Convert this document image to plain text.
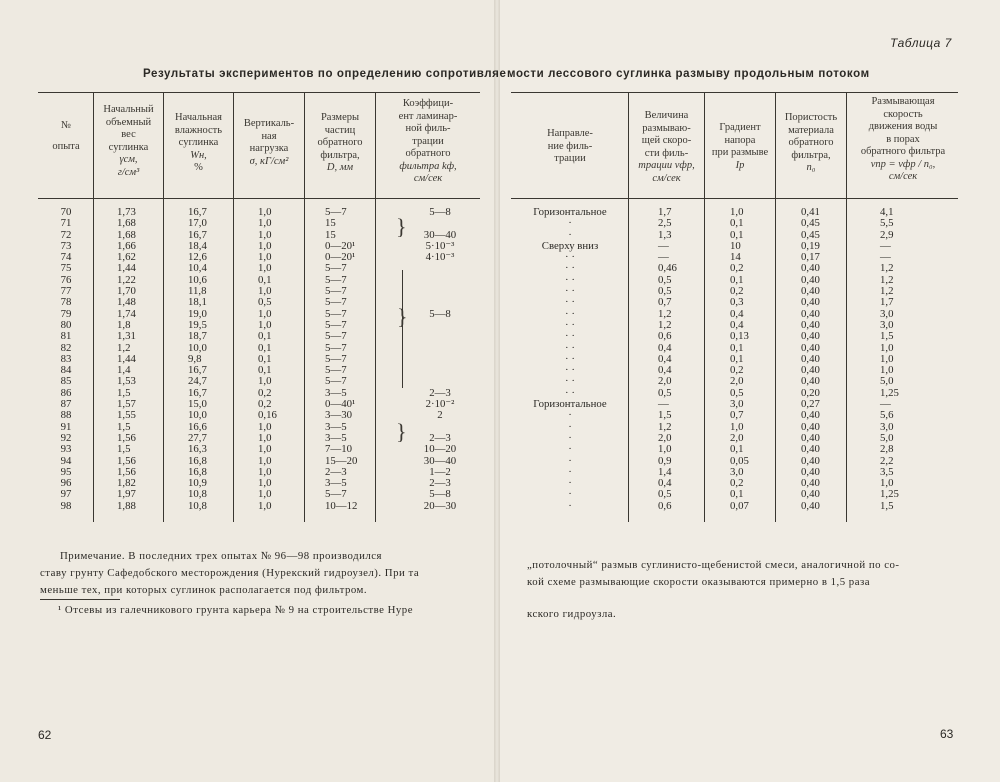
Таблица 7
Результаты экспериментов по определению сопротивляе мости лессового суглинка размыву продольным потоком
№
опыта
Начальный
объемный
вес
суглинка
γсм,
г/см³
Начальная
влажность
суглинка
Wн,
%
Вертикаль-
ная
нагрузка
σ, кГ/см²
Размеры
частиц
обратного
фильтра,
D, мм
Коэффици-
ент ламинар-
ной филь-
трации
обратного
фильтра kф,
см/сек
70
71
72
73
74
75
76
77
78
79
80
81
82
83
84
85
86
87
88
91
92
93
94
95
96
97
98
1,73
1,68
1,68
1,66
1,62
1,44
1,22
1,70
1,48
1,74
1,8
1,31
1,2
1,44
1,4
1,53
1,5
1,57
1,55
1,5
1,56
1,5
1,56
1,56
1,82
1,97
1,88
16,7
17,0
16,7
18,4
12,6
10,4
10,6
11,8
18,1
19,0
19,5
18,7
10,0
9,8
16,7
24,7
16,7
15,0
10,0
16,6
27,7
16,3
16,8
16,8
10,9
10,8
10,8
1,0
1,0
1,0
1,0
1,0
1,0
0,1
1,0
0,5
1,0
1,0
0,1
0,1
0,1
0,1
1,0
0,2
0,2
0,16
1,0
1,0
1,0
1,0
1,0
1,0
1,0
1,0
5—7
15
15
0—20¹
0—20¹
5—7
5—7
5—7
5—7
5—7
5—7
5—7
5—7
5—7
5—7
5—7
3—5
0—40¹
3—30
3—5
3—5
7—10
15—20
2—3
3—5
5—7
10—12
5—8
30—40
5·10⁻³
4·10⁻³
5—8
2—3
2·10⁻²
2
2—3
10—20
30—40
1—2
2—3
5—8
20—30
}
}
}
Направле-
ние филь-
трации
Величина
размываю-
щей скоро-
сти филь-
трации vфр,
см/сек
Градиент
напора
при размыве
Iр
Пористость
материала
обратного
фильтра,
n₀
Размывающая
скорость
движения воды
в порах
обратного фильтра
vпр = vфр / n₀,
см/сек
Горизонтальное
·
·
Сверху вниз
· ·
· ·
· ·
· ·
· ·
· ·
· ·
· ·
· ·
· ·
· ·
· ·
· ·
Горизонтальное
·
·
·
·
·
·
·
·
·
1,7
2,5
1,3
—
—
0,46
0,5
0,5
0,7
1,2
1,2
0,6
0,4
0,4
0,4
2,0
0,5
—
1,5
1,2
2,0
1,0
0,9
1,4
0,4
0,5
0,6
1,0
0,1
0,1
10
14
0,2
0,1
0,2
0,3
0,4
0,4
0,13
0,1
0,1
0,2
2,0
0,5
3,0
0,7
1,0
2,0
0,1
0,05
3,0
0,2
0,1
0,07
0,41
0,45
0,45
0,19
0,17
0,40
0,40
0,40
0,40
0,40
0,40
0,40
0,40
0,40
0,40
0,40
0,20
0,27
0,40
0,40
0,40
0,40
0,40
0,40
0,40
0,40
0,40
4,1
5,5
2,9
—
—
1,2
1,2
1,2
1,7
3,0
3,0
1,5
1,0
1,0
1,0
5,0
1,25
—
5,6
3,0
5,0
2,8
2,2
3,5
1,0
1,25
1,5
Примечание. В последних трех опытах № 96—98 производился
ставу грунту Сафедобского месторождения (Нурекский гидроузел). При та
меньше тех, при которых суглинок располагается под фильтром.
¹ Отсевы из галечникового грунта карьера № 9 на строительстве Нуре
„потолочный“ размыв суглинисто-щебенистой смеси, аналогичной по со-
кой схеме размывающие скорости оказываются примерно в 1,5 раза
кского гидроузла.
62	63
